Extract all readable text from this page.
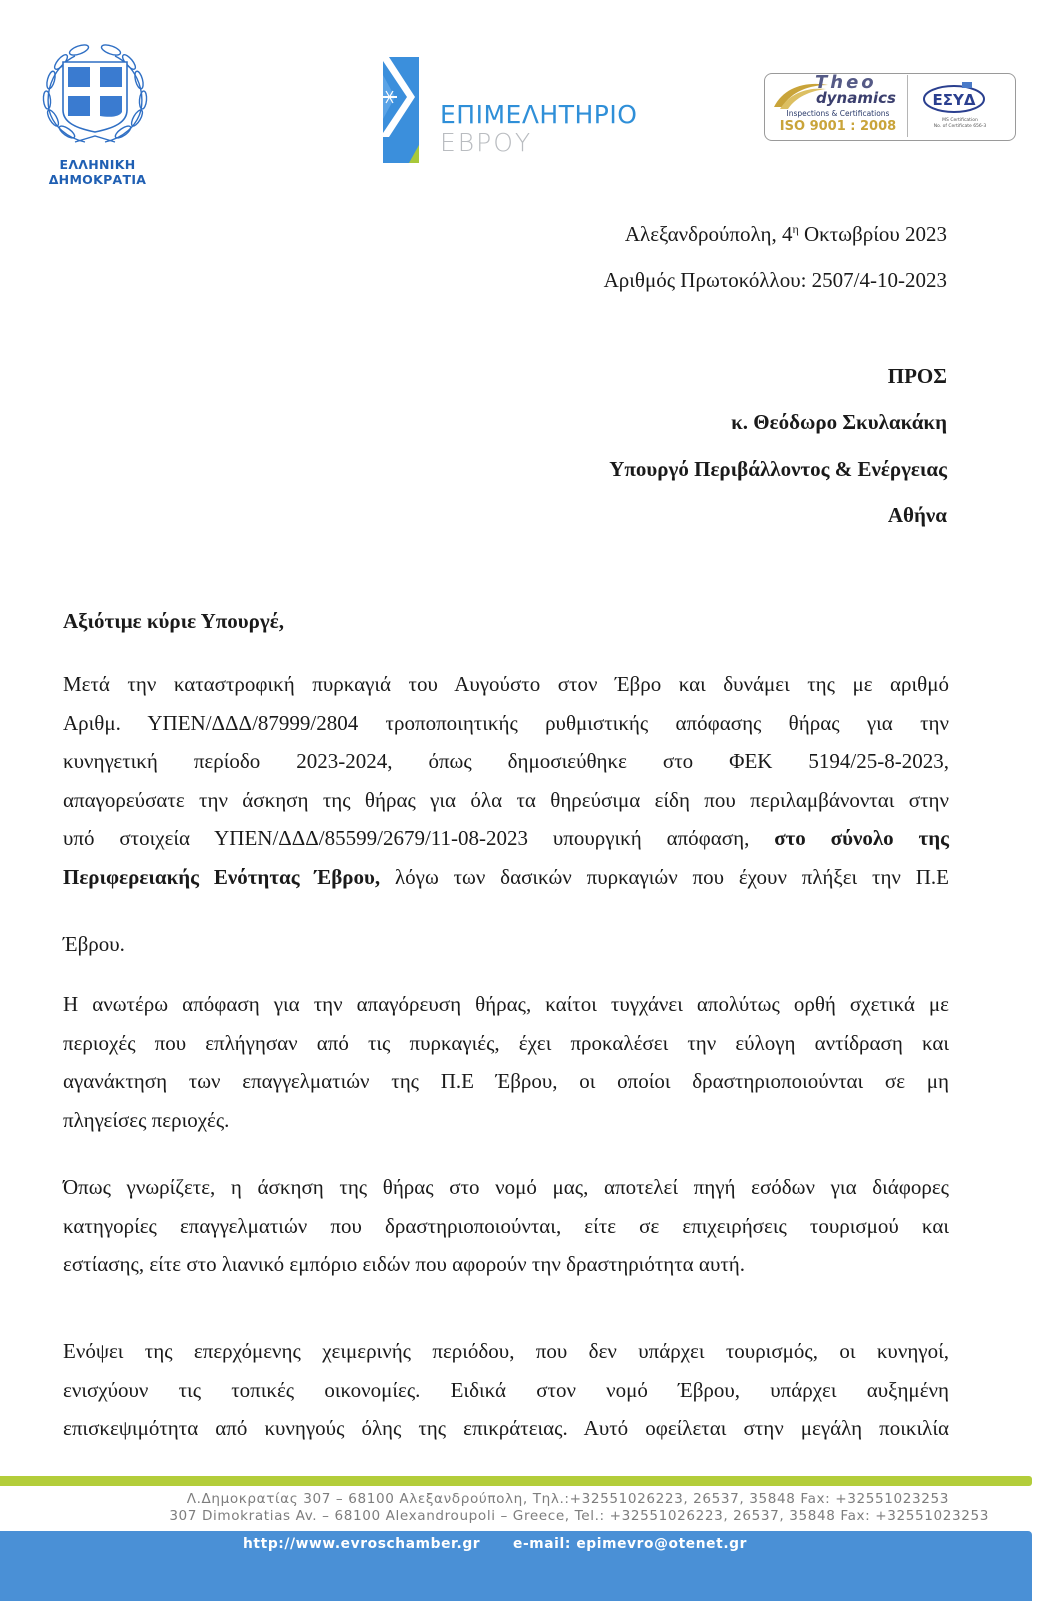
ΕΛΛΗΝΙΚΗ ΔΗΜΟΚΡΑΤΙΑ
ΕΠΙΜΕΛΗΤΗΡΙΟ
ΕΒΡΟΥ
Theo
dynamics
Inspections & Certifications
ISO 9001 : 2008
ΕΣΥΔ
MS Certification
No. of Certificate 656-3
Αλεξανδρούπολη, $4^\eta$ Οκτωβρίου 2023
Αριθμός Πρωτοκόλλου: 2507/4-10-2023
ΠΡΟΣ
κ. Θεόδωρο Σκυλακάκη
Υπουργό Περιβάλλοντος & Ενέργειας
Αθήνα
Αξιότιμε κύριε Υπουργέ,
Μετά την καταστροφική πυρκαγιά του Αυγούστο στον Έβρο και δυνάμει της με αριθμό
Αριθμ. ΥΠΕΝ/ΔΔΔ/87999/2804 τροποποιητικής ρυθμιστικής απόφασης θήρας για την
κυνηγετική περίοδο 2023-2024, όπως δημοσιεύθηκε στο ΦΕΚ 5194/25-8-2023,
απαγορεύσατε την άσκηση της θήρας για όλα τα θηρεύσιμα είδη που περιλαμβάνονται στην
υπό στοιχεία ΥΠΕΝ/ΔΔΔ/85599/2679/11-08-2023 υπουργική απόφαση, στο σύνολο της
Περιφερειακής Ενότητας Έβρου, λόγω των δασικών πυρκαγιών που έχουν πλήξει την Π.Ε
Έβρου.
Η ανωτέρω απόφαση για την απαγόρευση θήρας, καίτοι τυγχάνει απολύτως ορθή σχετικά με
περιοχές που επλήγησαν από τις πυρκαγιές, έχει προκαλέσει την εύλογη αντίδραση και
αγανάκτηση των επαγγελματιών της Π.Ε Έβρου, οι οποίοι δραστηριοποιούνται σε μη
πληγείσες περιοχές.
Όπως γνωρίζετε, η άσκηση της θήρας στο νομό μας, αποτελεί πηγή εσόδων για διάφορες
κατηγορίες επαγγελματιών που δραστηριοποιούνται, είτε σε επιχειρήσεις τουρισμού και
εστίασης, είτε στο λιανικό εμπόριο ειδών που αφορούν την δραστηριότητα αυτή.
Ενόψει της επερχόμενης χειμερινής περιόδου, που δεν υπάρχει τουρισμός, οι κυνηγοί,
ενισχύουν τις τοπικές οικονομίες. Ειδικά στον νομό Έβρου, υπάρχει αυξημένη
επισκεψιμότητα από κυνηγούς όλης της επικράτειας. Αυτό οφείλεται στην μεγάλη ποικιλία
Λ.Δημοκρατίας 307 – 68100 Αλεξανδρούπολη, Τηλ.:+32551026223, 26537, 35848 Fax: +32551023253
307 Dimokratias Av. – 68100 Alexandroupoli – Greece, Tel.: +32551026223, 26537, 35848 Fax: +32551023253
http://www.evroschamber.gr e-mail: epimevro@otenet.gr
